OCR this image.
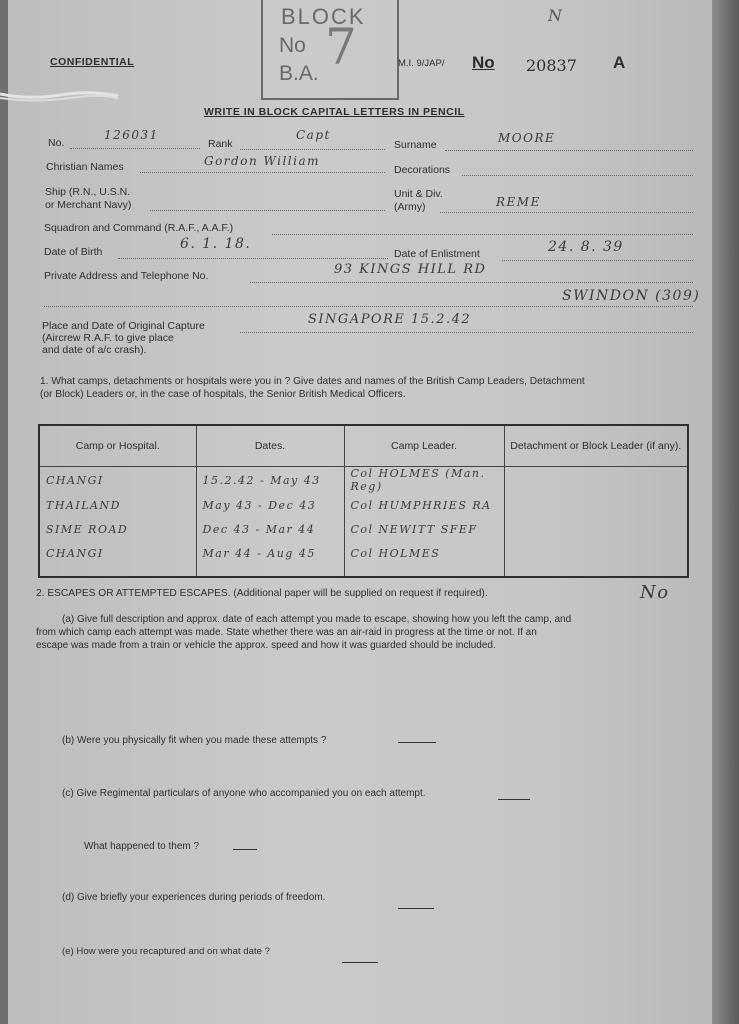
BLOCK
No 7
B.A.
N
CONFIDENTIAL	M.I. 9/JAP/ No 20837 A
WRITE IN BLOCK CAPITAL LETTERS IN PENCIL
No.
126031
Rank
Capt
Surname	MOORE
Christian Names	Gordon William
Decorations
Ship (R.N., U.S.N.
or Merchant Navy)
Unit & Div.
(Army)	REME
Squadron and Command (R.A.F., A.A.F.)
Date of Birth	6. 1. 18.
Date of Enlistment	24. 8. 39
Private Address and Telephone No.	93 KINGS HILL RD
SWINDON (309)
Place and Date of Original Capture
(Aircrew R.A.F. to give place
and date of a/c crash).
SINGAPORE 15.2.42
1. What camps, detachments or hospitals were you in ? Give dates and names of the British Camp Leaders, Detachment
(or Block) Leaders or, in the case of hospitals, the Senior British Medical Officers.
Camp or Hospital.	Dates.	Camp Leader.	Detachment or Block Leader (if any).
CHANGI	15.2.42 - May 43	Col HOLMES (Man. Reg)	
THAILAND	May 43 - Dec 43	Col HUMPHRIES RA	
SIME ROAD	Dec 43 - Mar 44	Col NEWITT SFEF	
CHANGI	Mar 44 - Aug 45	Col HOLMES	

2. ESCAPES OR ATTEMPTED ESCAPES. (Additional paper will be supplied on request if required).	No
(a) Give full description and approx. date of each attempt you made to escape, showing how you left the camp, and
from which camp each attempt was made. State whether there was an air-raid in progress at the time or not. If an
escape was made from a train or vehicle the approx. speed and how it was guarded should be included.
(b) Were you physically fit when you made these attempts ?
(c) Give Regimental particulars of anyone who accompanied you on each attempt.
What happened to them ?
(d) Give briefly your experiences during periods of freedom.
(e) How were you recaptured and on what date ?
